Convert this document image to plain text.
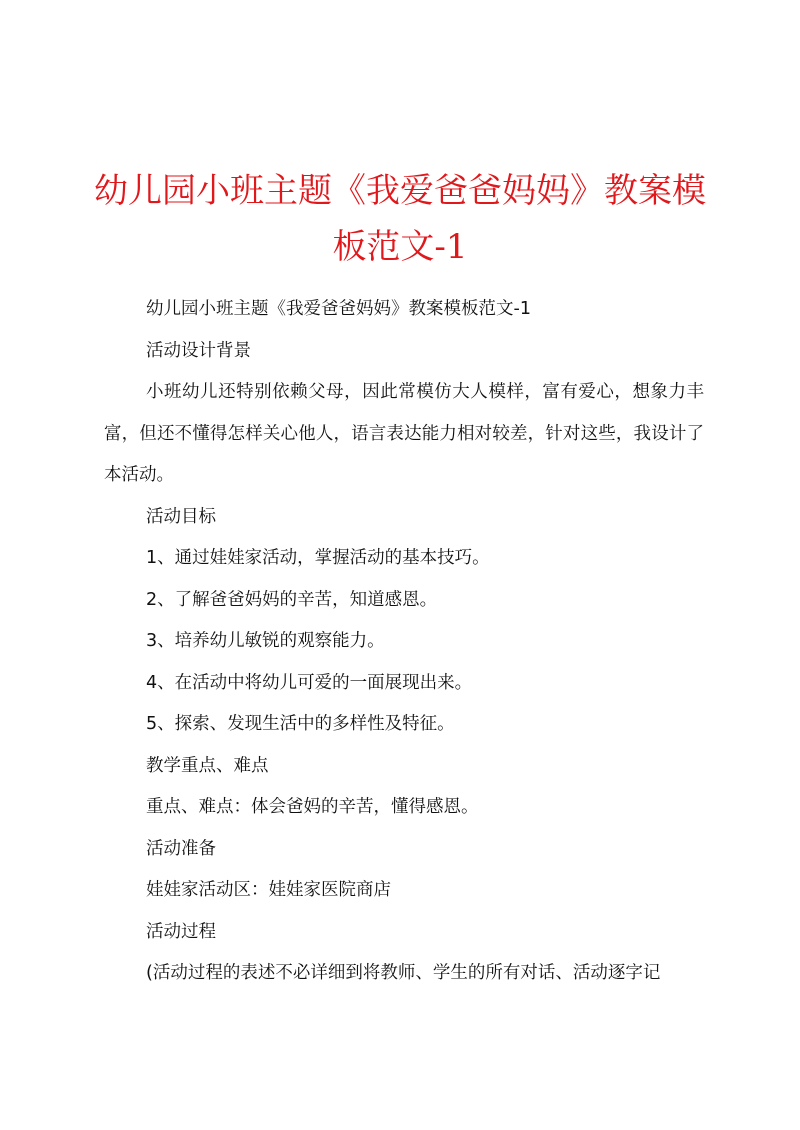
幼儿园小班主题《我爱爸爸妈妈》教案模板范文-1

幼儿园小班主题《我爱爸爸妈妈》教案模板范文-1

活动设计背景

小班幼儿还特别依赖父母，因此常模仿大人模样，富有爱心，想象力丰富，但还不懂得怎样关心他人，语言表达能力相对较差，针对这些，我设计了本活动。

活动目标

1、通过娃娃家活动，掌握活动的基本技巧。

2、了解爸爸妈妈的辛苦，知道感恩。

3、培养幼儿敏锐的观察能力。

4、在活动中将幼儿可爱的一面展现出来。

5、探索、发现生活中的多样性及特征。

教学重点、难点

重点、难点：体会爸妈的辛苦，懂得感恩。

活动准备

娃娃家活动区：娃娃家医院商店

活动过程

(活动过程的表述不必详细到将教师、学生的所有对话、活动逐字记
